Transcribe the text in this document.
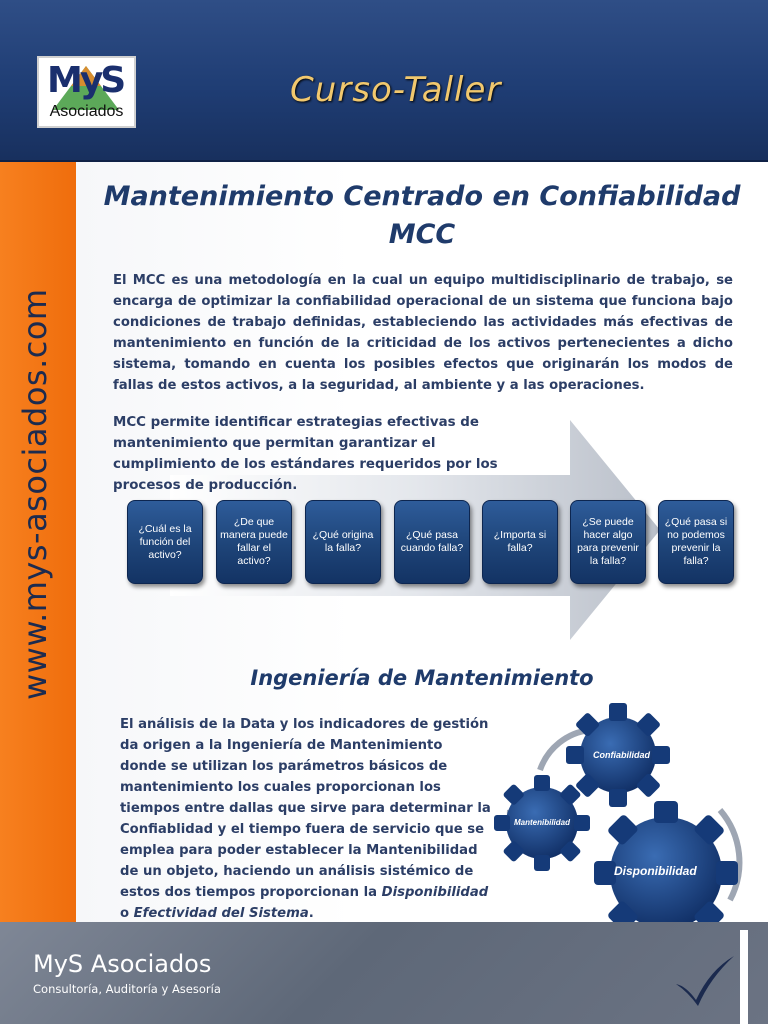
MyS
Asociados
Curso-Taller
www.mys-asociados.com
Mantenimiento Centrado en Confiabilidad
MCC
El MCC es una metodología en la cual un equipo multidisciplinario de trabajo, se encarga de optimizar la confiabilidad operacional de un sistema que funciona bajo condiciones de trabajo definidas, estableciendo las actividades más efectivas de mantenimiento en función de la criticidad de los activos pertenecientes a dicho sistema, tomando en cuenta los posibles efectos que originarán los modos de fallas de estos activos, a la seguridad, al ambiente y a las operaciones.
MCC permite identificar estrategias efectivas de mantenimiento que permitan garantizar el cumplimiento de los estándares requeridos por los procesos de producción.
¿Cuál es la función del activo?
¿De que manera puede fallar el activo?
¿Qué origina la falla?
¿Qué pasa cuando falla?
¿Importa si falla?
¿Se puede hacer algo para prevenir la falla?
¿Qué pasa si no podemos prevenir la falla?
Ingeniería de Mantenimiento
El análisis de la Data y los indicadores de gestión da origen a la Ingeniería de Mantenimiento donde se utilizan los parámetros básicos de mantenimiento los cuales proporcionan los tiempos entre dallas que sirve para determinar la Confiablidad y el tiempo fuera de servicio que se emplea para poder establecer la Mantenibilidad de un objeto, haciendo un análisis sistémico de estos dos tiempos proporcionan la Disponibilidad o Efectividad del Sistema.
Confiabilidad
Mantenibilidad
Disponibilidad
MyS Asociados
Consultoría, Auditoría y Asesoría
